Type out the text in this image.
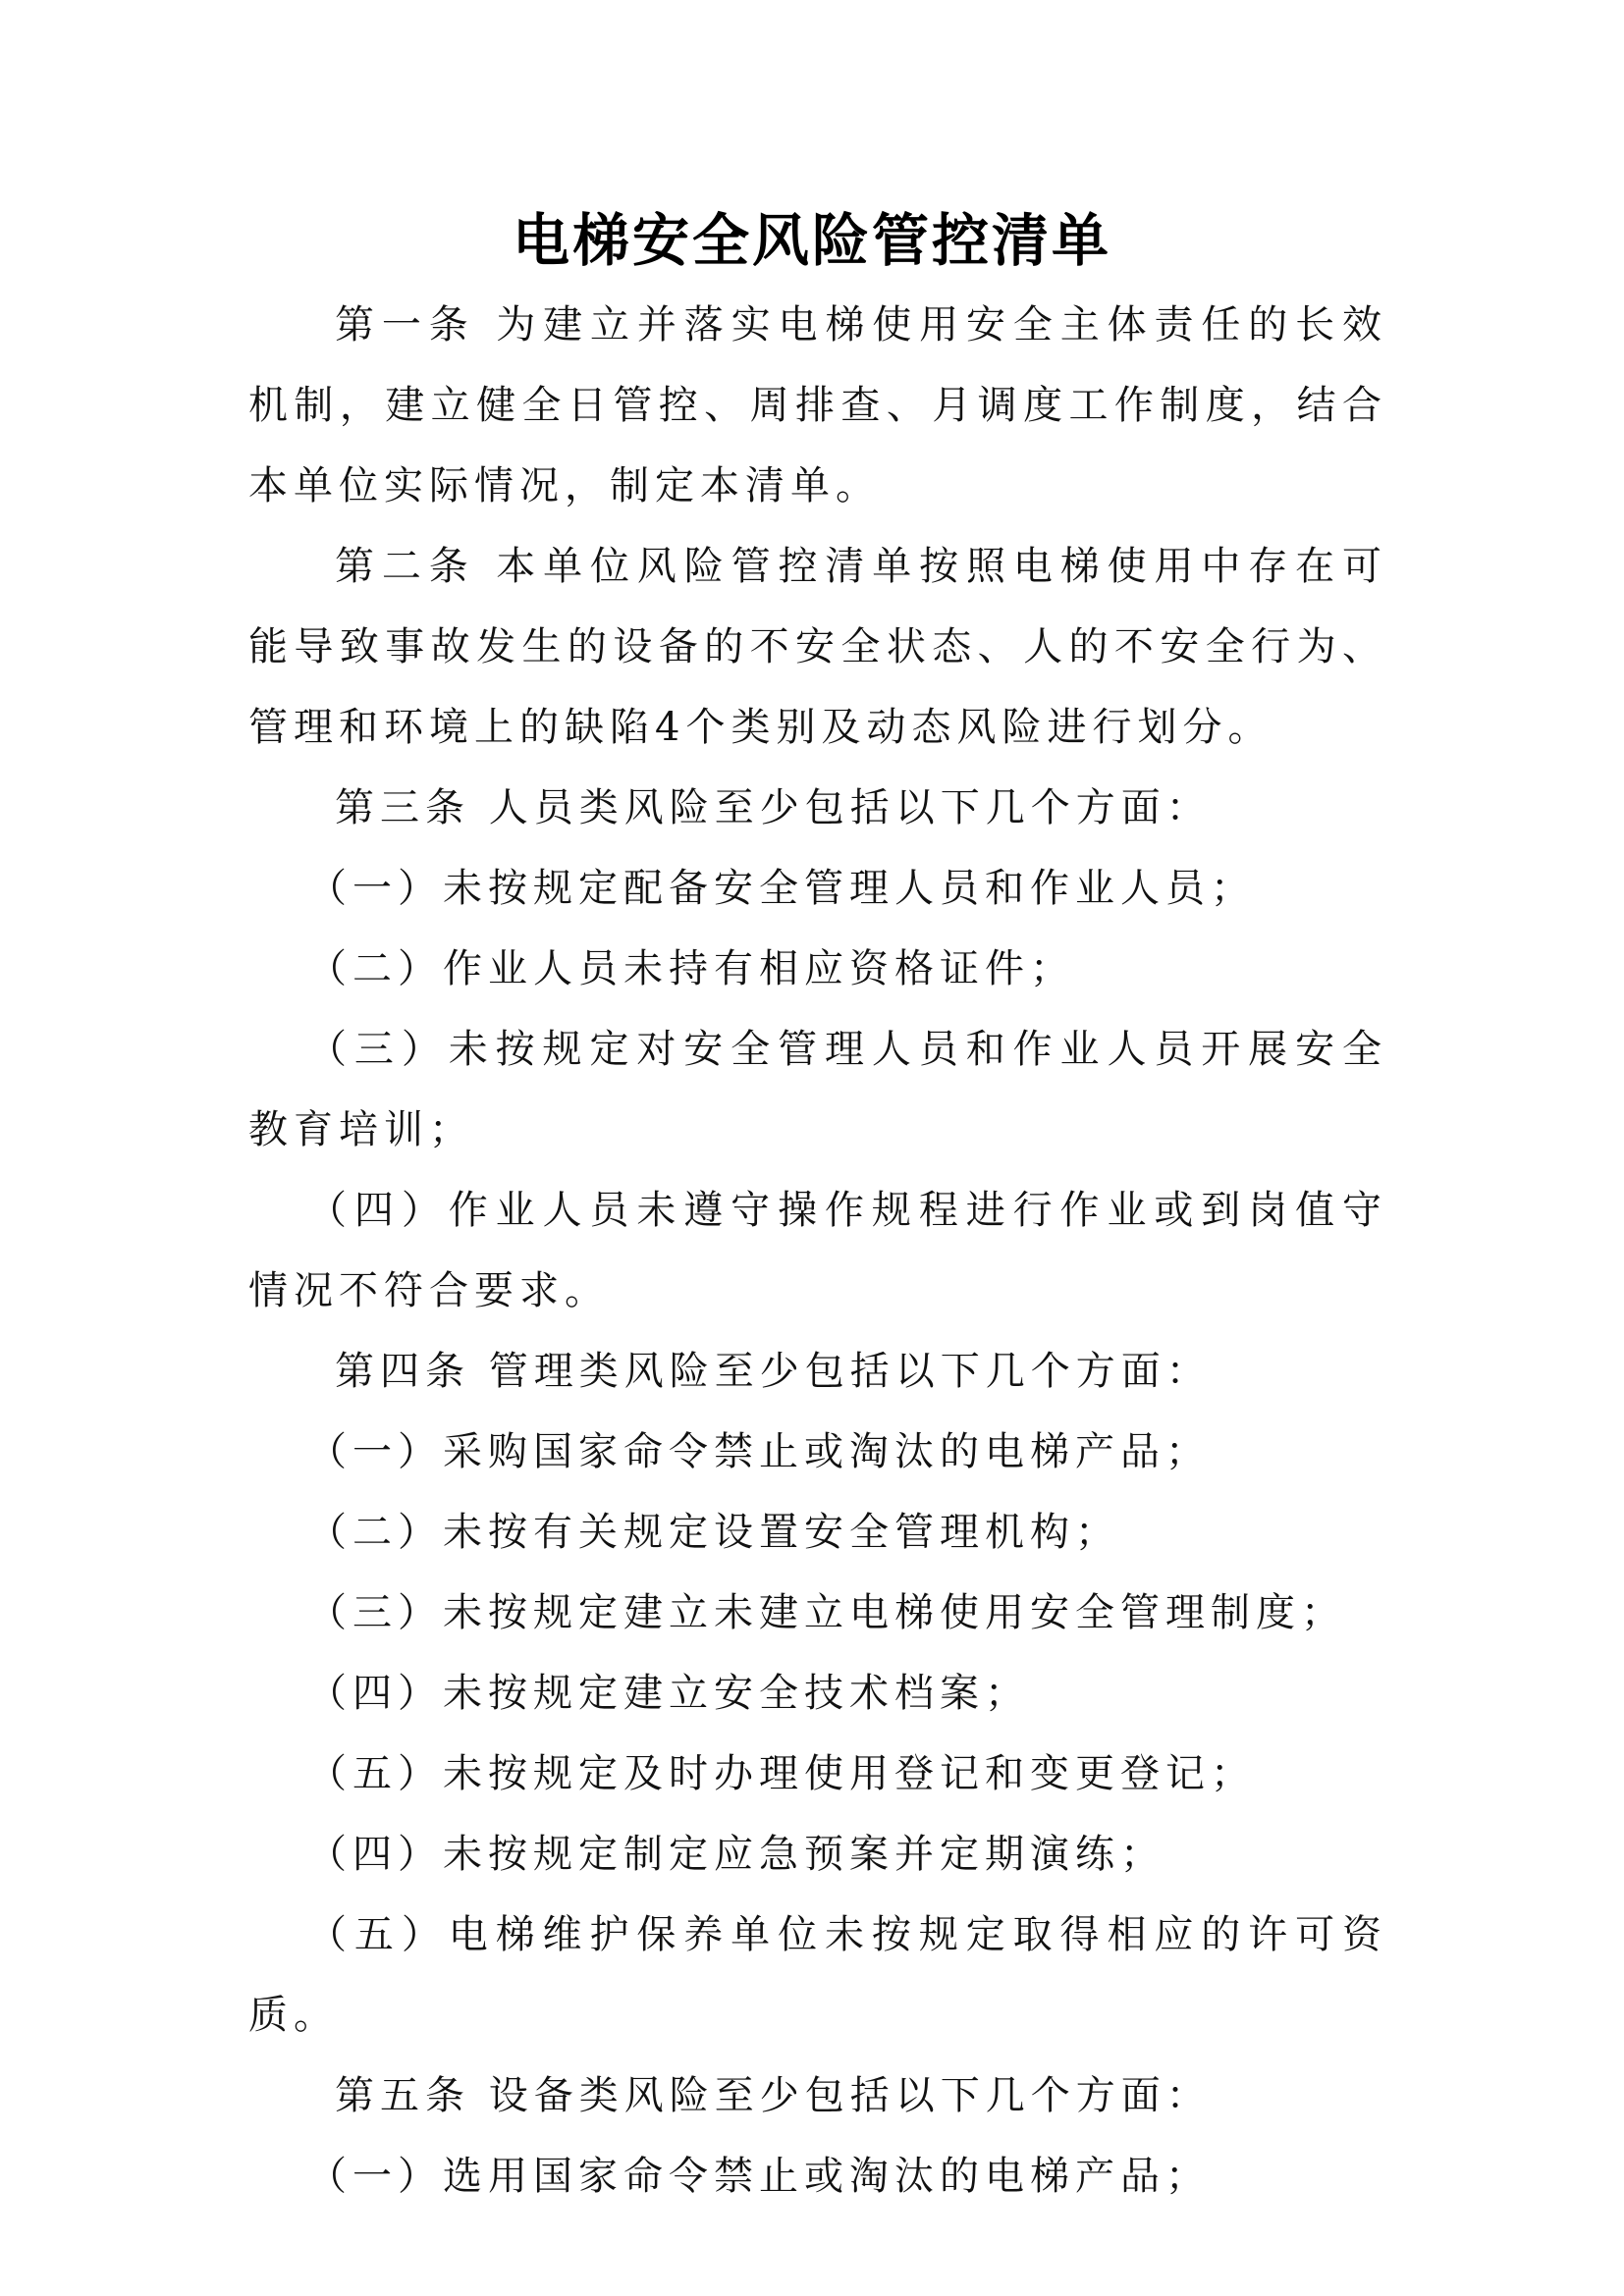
电梯安全风险管控清单

第一条 为建立并落实电梯使用安全主体责任的长效机制，建立健全日管控、周排查、月调度工作制度，结合本单位实际情况，制定本清单。

第二条 本单位风险管控清单按照电梯使用中存在可能导致事故发生的设备的不安全状态、人的不安全行为、管理和环境上的缺陷4个类别及动态风险进行划分。

第三条 人员类风险至少包括以下几个方面：

（一）未按规定配备安全管理人员和作业人员；

（二）作业人员未持有相应资格证件；

（三）未按规定对安全管理人员和作业人员开展安全教育培训；

（四）作业人员未遵守操作规程进行作业或到岗值守情况不符合要求。

第四条 管理类风险至少包括以下几个方面：

（一）采购国家命令禁止或淘汰的电梯产品；

（二）未按有关规定设置安全管理机构；

（三）未按规定建立未建立电梯使用安全管理制度；

（四）未按规定建立安全技术档案；

（五）未按规定及时办理使用登记和变更登记；

（四）未按规定制定应急预案并定期演练；

（五）电梯维护保养单位未按规定取得相应的许可资质。

第五条 设备类风险至少包括以下几个方面：

（一）选用国家命令禁止或淘汰的电梯产品；
